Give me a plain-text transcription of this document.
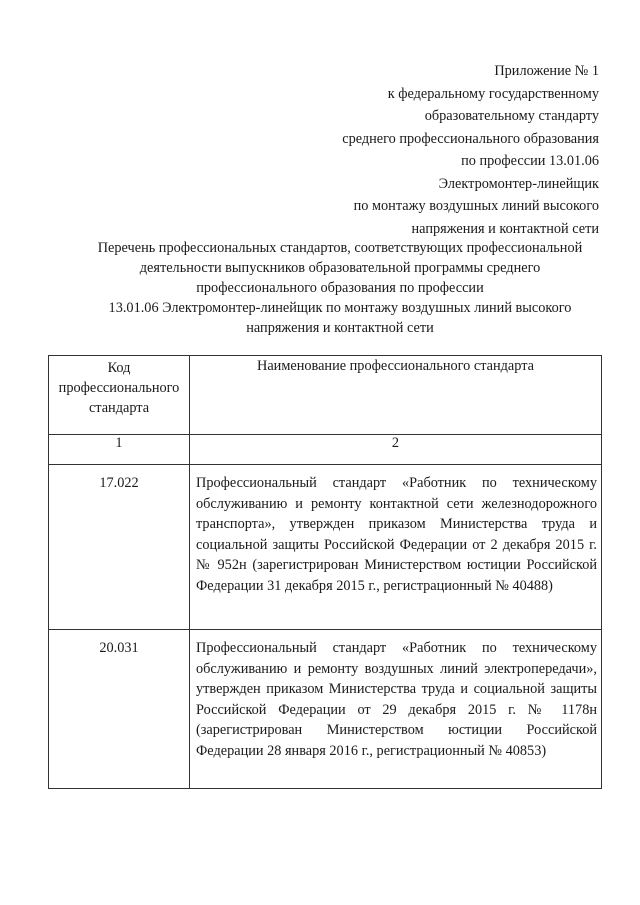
Приложение № 1
к федеральному государственному
образовательному стандарту
среднего профессионального образования
по профессии 13.01.06
Электромонтер-линейщик
по монтажу воздушных линий высокого
напряжения и контактной сети
Перечень профессиональных стандартов, соответствующих профессиональной
деятельности выпускников образовательной программы среднего
профессионального образования по профессии
13.01.06 Электромонтер-линейщик по монтажу воздушных линий высокого
напряжения и контактной сети
Код
профессионального
стандарта	Наименование профессионального стандарта
1	2
17.022	Профессиональный стандарт «Работник по техническому обслуживанию и ремонту контактной сети железнодорожного транспорта», утвержден приказом Министерства труда и социальной защиты Российской Федерации от 2 декабря 2015 г. № 952н (зарегистрирован Министерством юстиции Российской Федерации 31 декабря 2015 г., регистрационный № 40488)
20.031	Профессиональный стандарт «Работник по техническому обслуживанию и ремонту воздушных линий электропередачи», утвержден приказом Министерства труда и социальной защиты Российской Федерации от 29 декабря 2015 г. № 1178н (зарегистрирован Министерством юстиции Российской Федерации 28 января 2016 г., регистрационный № 40853)
